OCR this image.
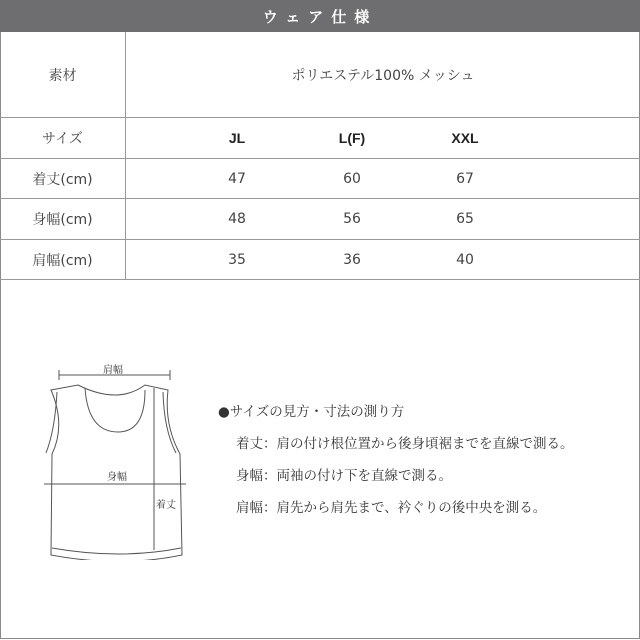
ウェア仕様
素材	ポリエステル100% メッシュ
サイズ	JL	L(F)	XXL
着丈(cm)	47	60	67
身幅(cm)	48	56	65
肩幅(cm)	35	36	40
肩幅
身幅
着丈
●サイズの見方・寸法の測り方
着丈：肩の付け根位置から後身頃裾までを直線で測る。
身幅：両袖の付け下を直線で測る。
肩幅：肩先から肩先まで、衿ぐりの後中央を測る。
